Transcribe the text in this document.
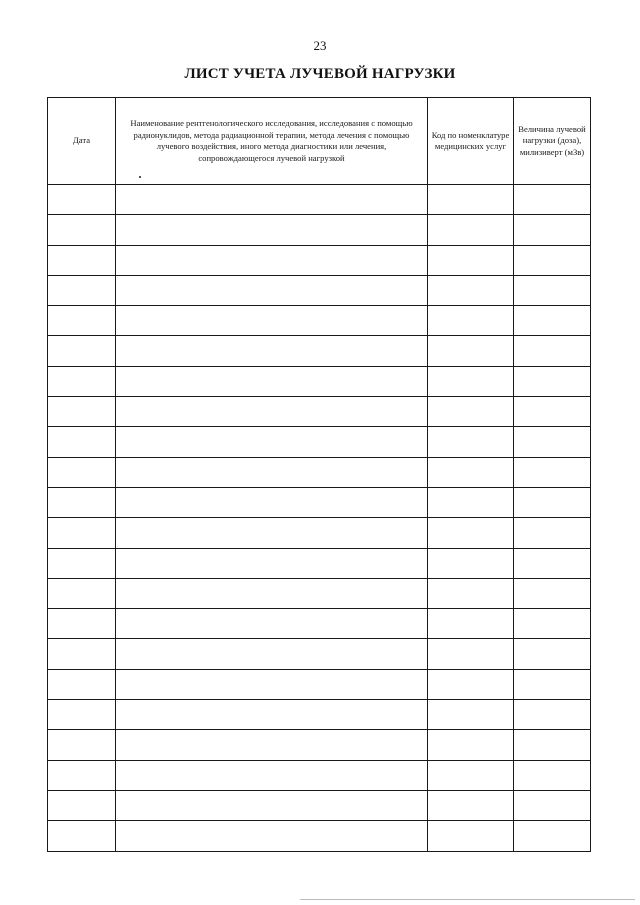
23
ЛИСТ УЧЕТА ЛУЧЕВОЙ НАГРУЗКИ
Дата	Наименование рентгенологического исследования, исследования с помощью радионуклидов, метода радиационной терапии, метода лечения с помощью лучевого воздействия, иного метода диагностики или лечения, сопровождающегося лучевой нагрузкой	Код по номенклатуре медицинских услуг	Величина лучевой нагрузки (доза), милизиверт (мЗв)
